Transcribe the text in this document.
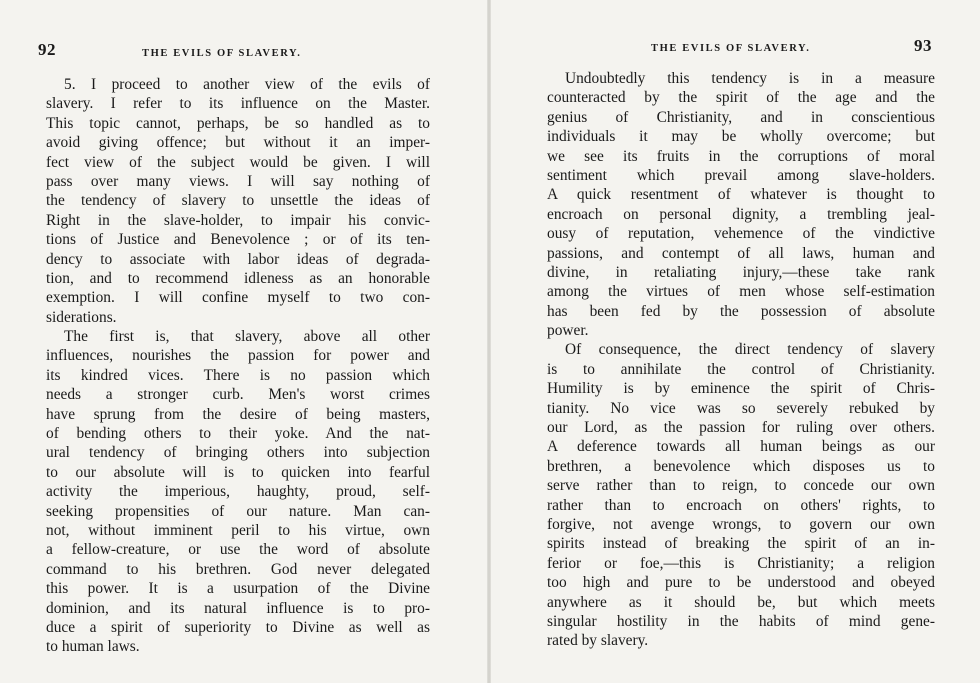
92	THE EVILS OF SLAVERY.
5. I proceed to another view of the evils of
slavery. I refer to its influence on the Master.
This topic cannot, perhaps, be so handled as to
avoid giving offence; but without it an imper-
fect view of the subject would be given. I will
pass over many views. I will say nothing of
the tendency of slavery to unsettle the ideas of
Right in the slave-holder, to impair his convic-
tions of Justice and Benevolence ; or of its ten-
dency to associate with labor ideas of degrada-
tion, and to recommend idleness as an honorable
exemption. I will confine myself to two con-
siderations.
The first is, that slavery, above all other
influences, nourishes the passion for power and
its kindred vices. There is no passion which
needs a stronger curb. Men's worst crimes
have sprung from the desire of being masters,
of bending others to their yoke. And the nat-
ural tendency of bringing others into subjection
to our absolute will is to quicken into fearful
activity the imperious, haughty, proud, self-
seeking propensities of our nature. Man can-
not, without imminent peril to his virtue, own
a fellow-creature, or use the word of absolute
command to his brethren. God never delegated
this power. It is a usurpation of the Divine
dominion, and its natural influence is to pro-
duce a spirit of superiority to Divine as well as
to human laws.
THE EVILS OF SLAVERY.	93
Undoubtedly this tendency is in a measure
counteracted by the spirit of the age and the
genius of Christianity, and in conscientious
individuals it may be wholly overcome; but
we see its fruits in the corruptions of moral
sentiment which prevail among slave-holders.
A quick resentment of whatever is thought to
encroach on personal dignity, a trembling jeal-
ousy of reputation, vehemence of the vindictive
passions, and contempt of all laws, human and
divine, in retaliating injury,—these take rank
among the virtues of men whose self-estimation
has been fed by the possession of absolute
power.
Of consequence, the direct tendency of slavery
is to annihilate the control of Christianity.
Humility is by eminence the spirit of Chris-
tianity. No vice was so severely rebuked by
our Lord, as the passion for ruling over others.
A deference towards all human beings as our
brethren, a benevolence which disposes us to
serve rather than to reign, to concede our own
rather than to encroach on others' rights, to
forgive, not avenge wrongs, to govern our own
spirits instead of breaking the spirit of an in-
ferior or foe,—this is Christianity; a religion
too high and pure to be understood and obeyed
anywhere as it should be, but which meets
singular hostility in the habits of mind gene-
rated by slavery.
